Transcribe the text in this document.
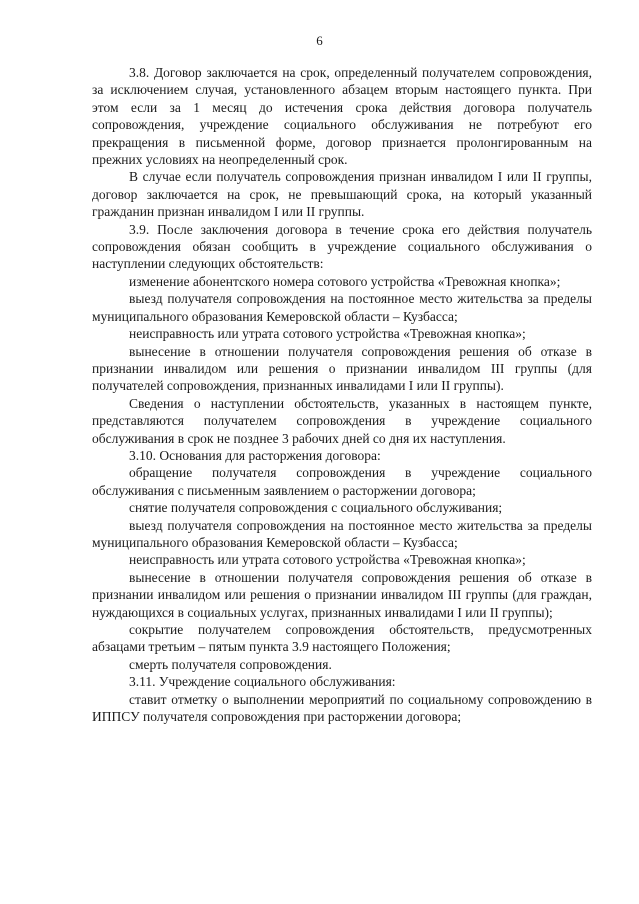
6

3.8. Договор заключается на срок, определенный получателем сопровождения, за исключением случая, установленного абзацем вторым настоящего пункта. При этом если за 1 месяц до истечения срока действия договора получатель сопровождения, учреждение социального обслуживания не потребуют его прекращения в письменной форме, договор признается пролонгированным на прежних условиях на неопределенный срок.

В случае если получатель сопровождения признан инвалидом I или II группы, договор заключается на срок, не превышающий срока, на который указанный гражданин признан инвалидом I или II группы.

3.9. После заключения договора в течение срока его действия получатель сопровождения обязан сообщить в учреждение социального обслуживания о наступлении следующих обстоятельств:

изменение абонентского номера сотового устройства «Тревожная кнопка»;

выезд получателя сопровождения на постоянное место жительства за пределы муниципального образования Кемеровской области – Кузбасса;

неисправность или утрата сотового устройства «Тревожная кнопка»;

вынесение в отношении получателя сопровождения решения об отказе в признании инвалидом или решения о признании инвалидом III группы (для получателей сопровождения, признанных инвалидами I или II группы).

Сведения о наступлении обстоятельств, указанных в настоящем пункте, представляются получателем сопровождения в учреждение социального обслуживания в срок не позднее 3 рабочих дней со дня их наступления.

3.10. Основания для расторжения договора:

обращение получателя сопровождения в учреждение социального обслуживания с письменным заявлением о расторжении договора;

снятие получателя сопровождения с социального обслуживания;

выезд получателя сопровождения на постоянное место жительства за пределы муниципального образования Кемеровской области – Кузбасса;

неисправность или утрата сотового устройства «Тревожная кнопка»;

вынесение в отношении получателя сопровождения решения об отказе в признании инвалидом или решения о признании инвалидом III группы (для граждан, нуждающихся в социальных услугах, признанных инвалидами I или II группы);

сокрытие получателем сопровождения обстоятельств, предусмотренных абзацами третьим – пятым пункта 3.9 настоящего Положения;

смерть получателя сопровождения.

3.11. Учреждение социального обслуживания:

ставит отметку о выполнении мероприятий по социальному сопровождению в ИППСУ получателя сопровождения при расторжении договора;
